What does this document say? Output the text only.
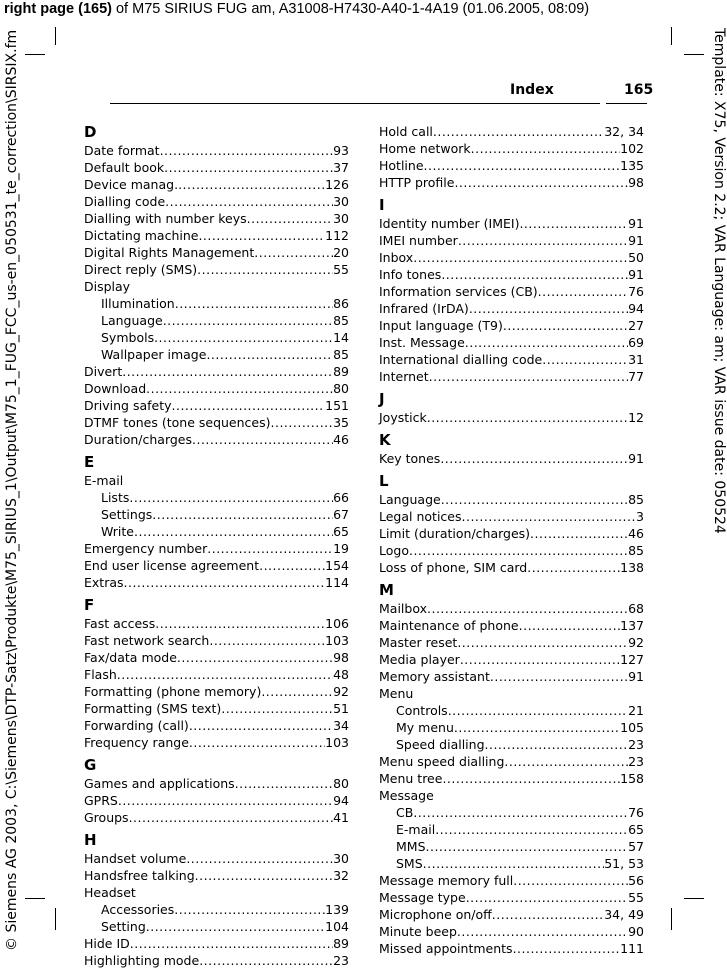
right page (165) of M75 SIRIUS FUG am, A31008-H7430-A40-1-4A19 (01.06.2005, 08:09)
© Siemens AG 2003, C:\Siemens\DTP-Satz\Produkte\M75_SIRIUS_1\Output\M75_1_FUG_FCC_us-en_050531_te_correction\SIRSIX.fm	Template: X75, Version 2.2; VAR Language: am; VAR issue date: 050524
Index	165
D
Date format .....	93
Default book .....	37
Device manag. .....	126
Dialling code .....	30
Dialling with number keys .....	30
Dictating machine .....	112
Digital Rights Management .....	20
Direct reply (SMS) .....	55
Display
Illumination .....	86
Language .....	85
Symbols .....	14
Wallpaper image .....	85
Divert .....	89
Download .....	80
Driving safety .....	151
DTMF tones (tone sequences) .....	35
Duration/charges .....	46
E
E-mail
Lists .....	66
Settings .....	67
Write .....	65
Emergency number .....	19
End user license agreement .....	154
Extras .....	114
F
Fast access .....	106
Fast network search .....	103
Fax/data mode .....	98
Flash .....	48
Formatting (phone memory) .....	92
Formatting (SMS text) .....	51
Forwarding (call) .....	34
Frequency range .....	103
G
Games and applications .....	80
GPRS .....	94
Groups .....	41
H
Handset volume .....	30
Handsfree talking .....	32
Headset
Accessories .....	139
Setting .....	104
Hide ID .....	89
Highlighting mode .....	23
Hold call .....	32, 34
Home network .....	102
Hotline .....	135
HTTP profile .....	98
I
Identity number (IMEI) .....	91
IMEI number .....	91
Inbox .....	50
Info tones .....	91
Information services (CB) .....	76
Infrared (IrDA) .....	94
Input language (T9) .....	27
Inst. Message .....	69
International dialling code .....	31
Internet .....	77
J
Joystick .....	12
K
Key tones .....	91
L
Language .....	85
Legal notices .....	3
Limit (duration/charges) .....	46
Logo .....	85
Loss of phone, SIM card .....	138
M
Mailbox .....	68
Maintenance of phone .....	137
Master reset .....	92
Media player .....	127
Memory assistant .....	91
Menu
Controls .....	21
My menu .....	105
Speed dialling .....	23
Menu speed dialling .....	23
Menu tree .....	158
Message
CB .....	76
E-mail .....	65
MMS .....	57
SMS .....	51, 53
Message memory full .....	56
Message type .....	55
Microphone on/off .....	34, 49
Minute beep .....	90
Missed appointments .....	111
